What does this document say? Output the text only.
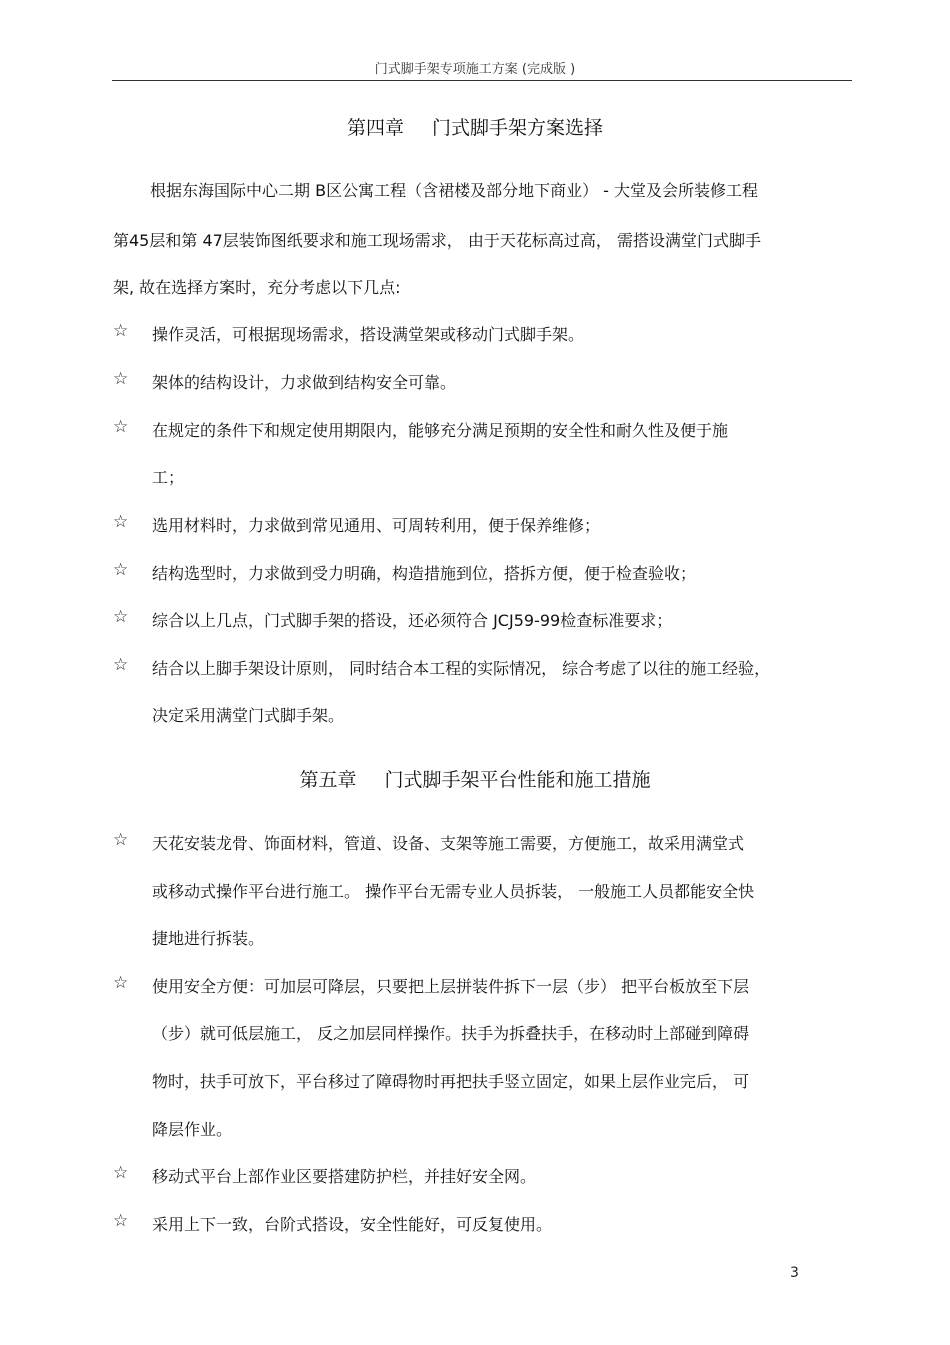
门式脚手架专项施工方案 (完成版 )
第四章 门式脚手架方案选择
根据东海国际中心二期 B区公寓工程（含裙楼及部分地下商业） - 大堂及会所装修工程
第45层和第 47层装饰图纸要求和施工现场需求， 由于天花标高过高， 需搭设满堂门式脚手
架, 故在选择方案时，充分考虑以下几点:
☆ 操作灵活，可根据现场需求，搭设满堂架或移动门式脚手架。
☆ 架体的结构设计，力求做到结构安全可靠。
☆ 在规定的条件下和规定使用期限内，能够充分满足预期的安全性和耐久性及便于施
工；
☆ 选用材料时，力求做到常见通用、可周转利用，便于保养维修；
☆ 结构选型时，力求做到受力明确，构造措施到位，搭拆方便，便于检查验收；
☆ 综合以上几点，门式脚手架的搭设，还必须符合 JCJ59-99检查标准要求；
☆ 结合以上脚手架设计原则， 同时结合本工程的实际情况， 综合考虑了以往的施工经验，
决定采用满堂门式脚手架。
第五章 门式脚手架平台性能和施工措施
☆ 天花安装龙骨、饰面材料，管道、设备、支架等施工需要，方便施工，故采用满堂式
或移动式操作平台进行施工。 操作平台无需专业人员拆装， 一般施工人员都能安全快
捷地进行拆装。
☆ 使用安全方便：可加层可降层，只要把上层拼装件拆下一层（步） 把平台板放至下层
（步）就可低层施工， 反之加层同样操作。扶手为拆叠扶手，在移动时上部碰到障碍
物时，扶手可放下，平台移过了障碍物时再把扶手竖立固定，如果上层作业完后， 可
降层作业。
☆ 移动式平台上部作业区要搭建防护栏，并挂好安全网。
☆ 采用上下一致，台阶式搭设，安全性能好，可反复使用。
3
